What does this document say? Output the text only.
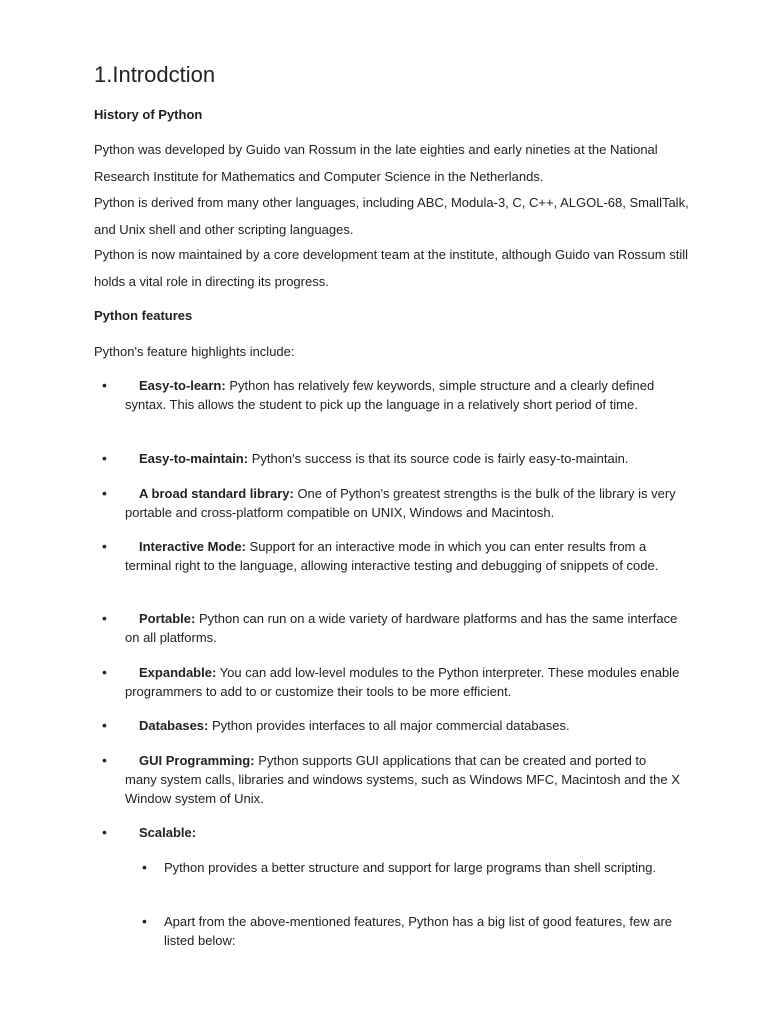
1.Introdction
History of Python

Python was developed by Guido van Rossum in the late eighties and early nineties at the National Research Institute for Mathematics and Computer Science in the Netherlands.

Python is derived from many other languages, including ABC, Modula-3, C, C++, ALGOL-68, SmallTalk, and Unix shell and other scripting languages.

Python is now maintained by a core development team at the institute, although Guido van Rossum still holds a vital role in directing its progress.

Python features
Python's feature highlights include:
•	Easy-to-learn: Python has relatively few keywords, simple structure and a clearly defined syntax. This allows the student to pick up the language in a relatively short period of time.

•	Easy-to-maintain: Python's success is that its source code is fairly easy-to-maintain.

•	A broad standard library: One of Python's greatest strengths is the bulk of the library is very portable and cross-platform compatible on UNIX, Windows and Macintosh.

•	Interactive Mode: Support for an interactive mode in which you can enter results from a terminal right to the language, allowing interactive testing and debugging of snippets of code.

•	Portable: Python can run on a wide variety of hardware platforms and has the same interface on all platforms.

•	Expandable: You can add low-level modules to the Python interpreter. These modules enable programmers to add to or customize their tools to be more efficient.

•	Databases: Python provides interfaces to all major commercial databases.

•	GUI Programming: Python supports GUI applications that can be created and ported to many system calls, libraries and windows systems, such as Windows MFC, Macintosh and the X Window system of Unix.

•	Scalable:

• Python provides a better structure and support for large programs than shell scripting.

• Apart from the above-mentioned features, Python has a big list of good features, few are listed below:
